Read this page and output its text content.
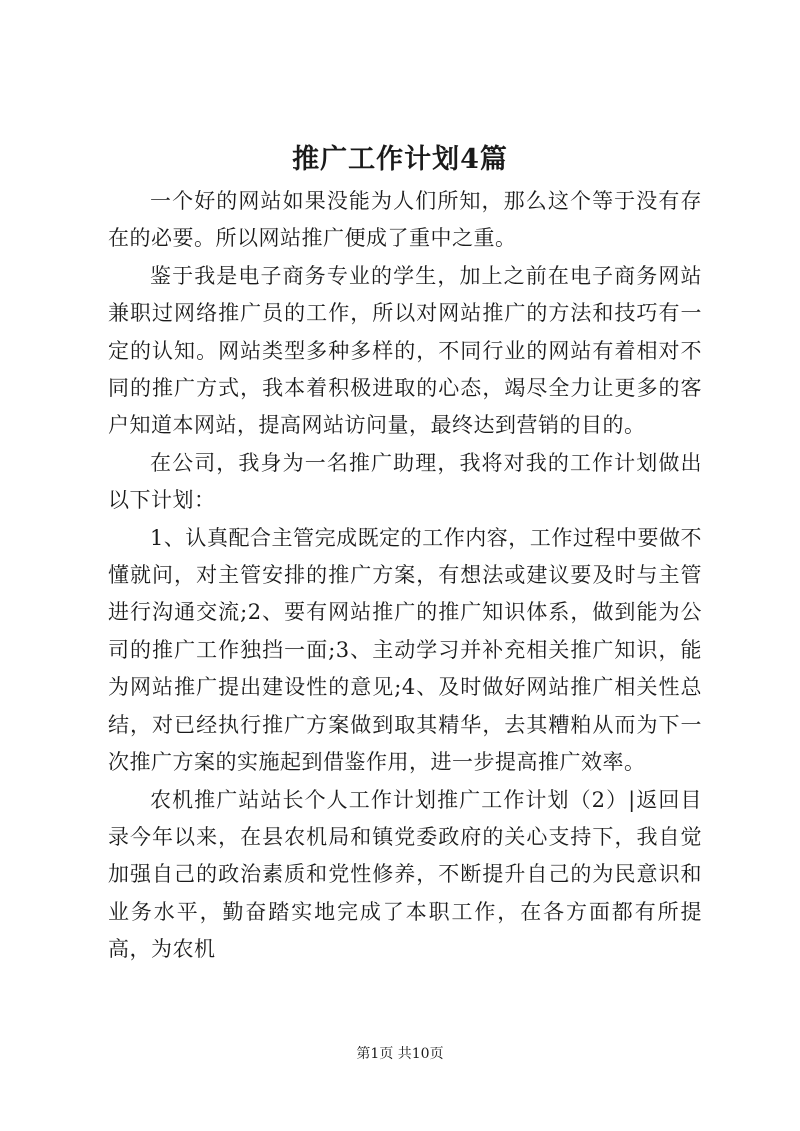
推广工作计划4篇

一个好的网站如果没能为人们所知，那么这个等于没有存在的必要。所以网站推广便成了重中之重。

鉴于我是电子商务专业的学生，加上之前在电子商务网站兼职过网络推广员的工作，所以对网站推广的方法和技巧有一定的认知。网站类型多种多样的，不同行业的网站有着相对不同的推广方式，我本着积极进取的心态，竭尽全力让更多的客户知道本网站，提高网站访问量，最终达到营销的目的。

在公司，我身为一名推广助理，我将对我的工作计划做出以下计划：

1、认真配合主管完成既定的工作内容，工作过程中要做不懂就问，对主管安排的推广方案，有想法或建议要及时与主管进行沟通交流;2、要有网站推广的推广知识体系，做到能为公司的推广工作独挡一面;3、主动学习并补充相关推广知识，能为网站推广提出建设性的意见;4、及时做好网站推广相关性总结，对已经执行推广方案做到取其精华，去其糟粕从而为下一次推广方案的实施起到借鉴作用，进一步提高推广效率。

农机推广站站长个人工作计划推广工作计划（2）|返回目录今年以来，在县农机局和镇党委政府的关心支持下，我自觉加强自己的政治素质和党性修养，不断提升自己的为民意识和业务水平，勤奋踏实地完成了本职工作，在各方面都有所提高，为农机

第1页 共10页
